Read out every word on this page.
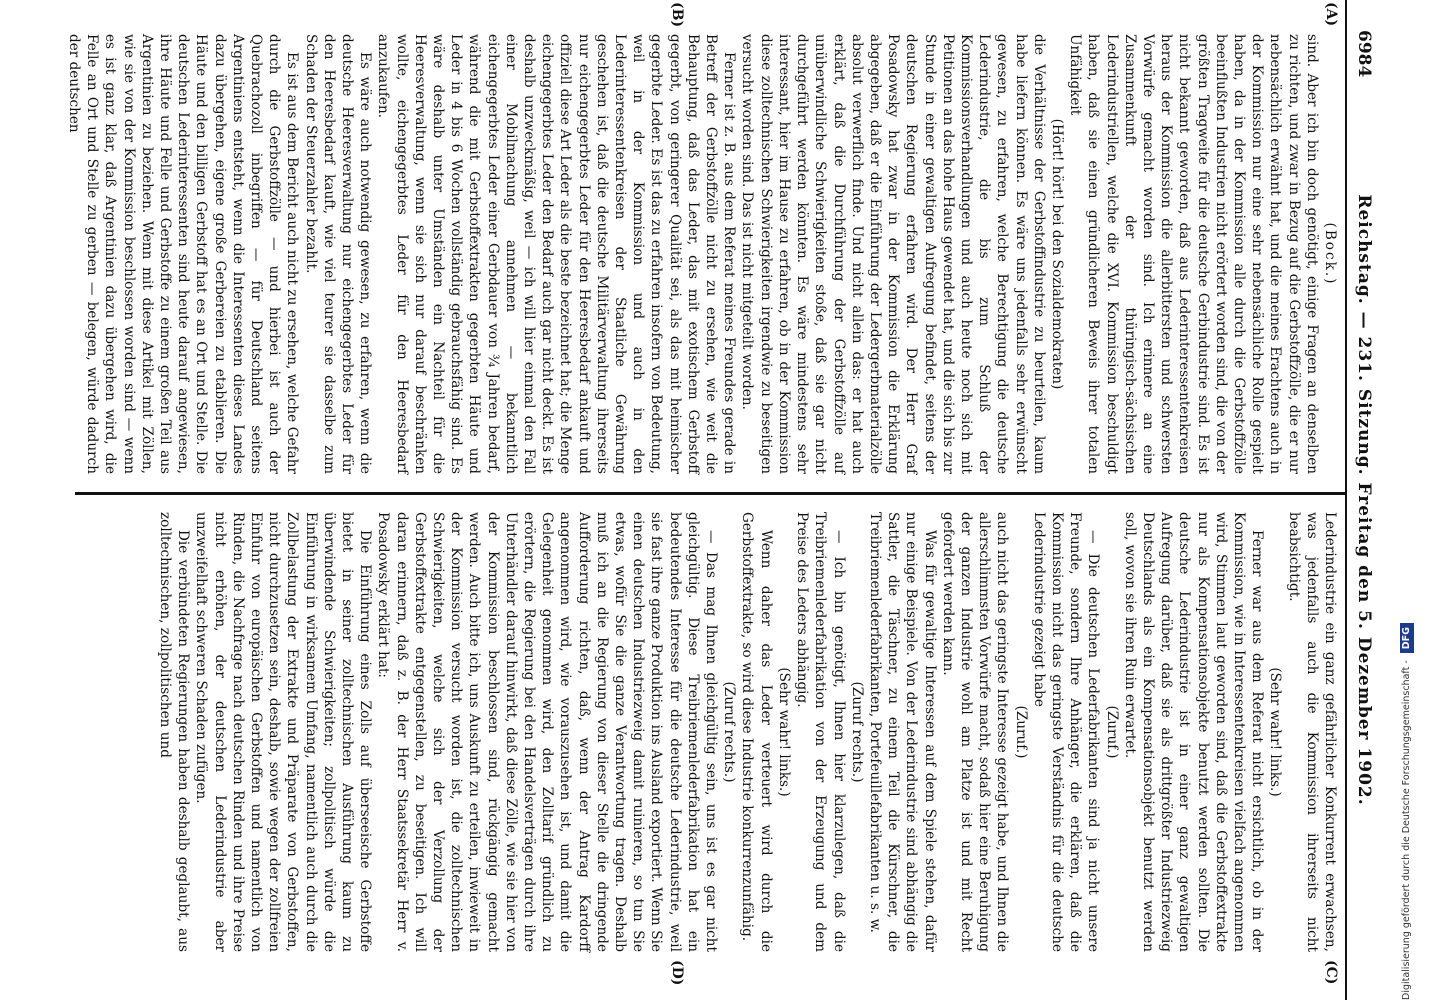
6984
Reichstag. — 231. Sitzung. Freitag den 5. Dezember 1902.
(A)
(B)
(C)
(D)

(Bock.)

sind. Aber ich bin doch genötigt, einige Fragen an denselben zu richten, und zwar in Bezug auf die Gerbstoffzölle, die er nur nebensächlich erwähnt hat, und die meines Erachtens auch in der Kommission nur eine sehr nebensächliche Rolle gespielt haben, da in der Kommission alle durch die Gerbstoffzölle beeinflußten Industrien nicht erörtert worden sind, die von der größten Tragweite für die deutsche Gerbindustrie sind. Es ist nicht bekannt geworden, daß aus Lederinteressentenkreisen heraus der Kommission die allerbittersten und schwersten Vorwürfe gemacht worden sind. Ich erinnere an eine Zusammenkunft der thüringisch-sächsischen Lederindustriellen, welche die XVI. Kommission beschuldigt haben, daß sie einen gründlicheren Beweis ihrer totalen Unfähigkeit

(Hört! hört! bei den Sozialdemokraten)

die Verhältnisse der Gerbstoffindustrie zu beurteilen, kaum habe liefern können. Es wäre uns jedenfalls sehr erwünscht gewesen, zu erfahren, welche Berechtigung die deutsche Lederindustrie, die bis zum Schluß der Kommissionsverhandlungen und auch heute noch sich mit Petitionen an das hohe Haus gewendet hat, und die sich bis zur Stunde in einer gewaltigen Aufregung befindet, seitens der deutschen Regierung erfahren wird. Der Herr Graf Posadowsky hat zwar in der Kommission die Erklärung abgegeben, daß er die Einführung der Ledergerbmaterialzölle absolut verwerflich finde. Und nicht allein das: er hat auch erklärt, daß die Durchführung der Gerbstoffzölle auf unüberwindliche Schwierigkeiten stoße, daß sie gar nicht durchgeführt werden könnten. Es wäre mindestens sehr interessant, hier im Hause zu erfahren, ob in der Kommission diese zolltechnischen Schwierigkeiten irgendwie zu beseitigen versucht worden sind. Das ist nicht mitgeteilt worden.

Ferner ist z. B. aus dem Referat meines Freundes gerade in Betreff der Gerbstoffzölle nicht zu ersehen, wie weit die Behauptung, daß das Leder, das mit exotischem Gerbstoff gegerbt, von geringerer Qualität sei, als das mit heimischer gegerbte Leder. Es ist das zu erfahren insofern von Bedeutung, weil in der Kommission und auch in den Lederinteressentenkreisen der Staatliche Gewährung geschehen ist, daß die deutsche Militärverwaltung ihrerseits nur eichengegerbtes Leder für den Heeresbedarf ankauft und offiziell diese Art Leder als die beste bezeichnet hat; die Menge eichengegerbtes Leder den Bedarf auch gar nicht deckt. Es ist deshalb unzweckmäßig, weil — ich will hier einmal den Fall einer Mobilmachung annehmen — bekanntlich eichengegerbtes Leder einer Gerbdauer von ¾ Jahren bedarf, während die mit Gerbstoffextrakten gegerbten Häute und Leder in 4 bis 6 Wochen vollständig gebrauchsfähig sind. Es wäre deshalb unter Umständen ein Nachteil für die Heeresverwaltung, wenn sie sich nur darauf beschränken wollte, eichengegerbtes Leder für den Heeresbedarf anzukaufen.

Es wäre auch notwendig gewesen, zu erfahren, wenn die deutsche Heeresverwaltung nur eichengegerbtes Leder für den Heeresbedarf kauft, wie viel teurer sie dasselbe zum Schaden der Steuerzahler bezahlt.

Es ist aus dem Bericht auch nicht zu ersehen, welche Gefahr durch die Gerbstoffzölle — und hierbei ist auch der Quebrachozoll inbegriffen — für Deutschland seitens Argentiniens entsteht, wenn die Interessenten dieses Landes dazu übergehen, eigene große Gerbereien zu etablieren. Die Häute und den billigen Gerbstoff hat es an Ort und Stelle. Die deutschen Lederinteressenten sind heute darauf angewiesen, ihre Häute und Felle und Gerbstoffe zu einem großen Teil aus Argentinien zu beziehen. Wenn mit diese Artikel mit Zöllen, wie sie von der Kommission beschlossen worden sind — wenn es ist ganz klar, daß Argentinien dazu übergehen wird, die Felle an Ort und Stelle zu gerben — belegen, würde dadurch der deutschen

Lederindustrie ein ganz gefährlicher Konkurrent erwachsen, was jedenfalls auch die Kommission ihrerseits nicht beabsichtigt.

(Sehr wahr! links.)

Ferner war aus dem Referat nicht ersichtlich, ob in der Kommission, wie in Interessentenkreisen vielfach angenommen wird, Stimmen laut geworden sind, daß die Gerbstoffextrakte nur als Kompensationsobjekte benutzt werden sollten. Die deutsche Lederindustrie ist in einer ganz gewaltigen Aufregung darüber, daß sie als drittgrößter Industriezweig Deutschlands als ein Kompensationsobjekt benutzt werden soll, wovon sie ihren Ruin erwartet.

(Zuruf.)

— Die deutschen Lederfabrikanten sind ja nicht unsere Freunde, sondern Ihre Anhänger, die erklären, daß die Kommission nicht das geringste Verständnis für die deutsche Lederindustrie gezeigt habe

(Zuruf.)

auch nicht das geringste Interesse gezeigt habe, und Ihnen die allerschlimmsten Vorwürfe macht, sodaß hier eine Beruhigung der ganzen Industrie wohl am Platze ist und mit Recht gefordert werden kann.

Was für gewaltige Interessen auf dem Spiele stehen, dafür nur einige Beispiele. Von der Lederindustrie sind abhängig die Sattler, die Täschner, zu einem Teil die Kürschner, die Treibriemenlederfabrikanten, Portefeuillefabrikanten u. s. w.

(Zuruf rechts.)

— Ich bin genötigt, Ihnen hier klarzulegen, daß die Treibriemenlederfabrikation von der Erzeugung und dem Preise des Leders abhängig.

(Sehr wahr! links.)

Wenn daher das Leder verteuert wird durch die Gerbstoffextrakte, so wird diese Industrie konkurrenzunfähig.

(Zuruf rechts.)

— Das mag Ihnen gleichgültig sein, uns ist es gar nicht gleichgültig. Diese Treibriemenlederfabrikation hat ein bedeutendes Interesse für die deutsche Lederindustrie, weil sie fast ihre ganze Produktion ins Ausland exportiert. Wenn Sie einen deutschen Industriezweig damit ruinieren, so tun Sie etwas, wofür Sie die ganze Verantwortung tragen. Deshalb muß ich an die Regierung von dieser Stelle die dringende Aufforderung richten, daß, wenn der Antrag Kardorff angenommen wird, wie vorauszusehen ist, und damit die Gelegenheit genommen wird, den Zolltarif gründlich zu erörtern, die Regierung bei den Handelsverträgen durch ihre Unterhändler darauf hinwirkt, daß diese Zölle, wie sie hier von der Kommission beschlossen sind, rückgängig gemacht werden. Auch bitte ich, uns Auskunft zu erteilen, inwieweit in der Kommission versucht worden ist, die zolltechnischen Schwierigkeiten, welche sich der Verzollung der Gerbstoffextrakte entgegenstellen, zu beseitigen. Ich will daran erinnern, daß z. B. der Herr Staatssekretär Herr v. Posadowsky erklärt hat:

Die Einführung eines Zolls auf überseeische Gerbstoffe bietet in seiner zolltechnischen Ausführung kaum zu überwindende Schwierigkeiten; zollpolitisch würde die Einführung in wirksamem Umfang, namentlich auch durch die Zollbelastung der Extrakte und Präparate von Gerbstoffen, nicht durchzusetzen sein, deshalb, sowie wegen der zollfreien Einfuhr von europäischen Gerbstoffen und namentlich von Rinden, die Nachfrage nach deutschen Rinden und ihre Preise nicht erhöhen, der deutschen Lederindustrie aber unzweifelhaft schweren Schaden zufügen.

Die verbündeten Regierungen haben deshalb geglaubt, aus zolltechnischen, zollpolitischen und

Digitalisierung gefördert durch die Deutsche Forschungsgemeinschaft - DFG
